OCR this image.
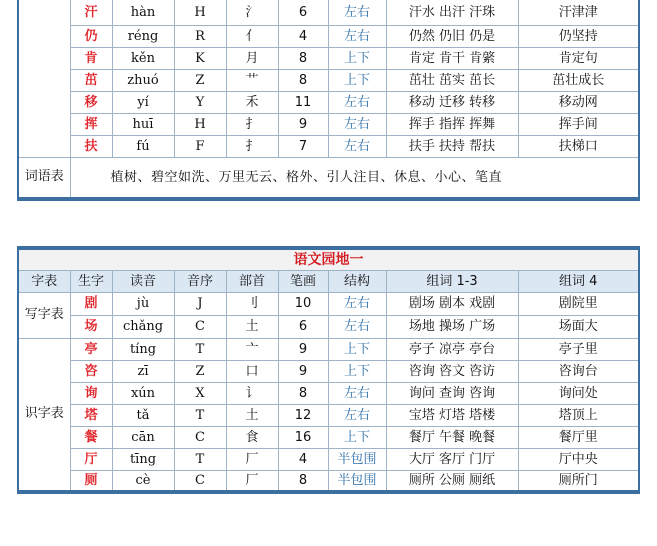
	汗	hàn	H	氵	6	左右	汗水 出汗 汗珠	汗津津
	仍	réng	R	亻	4	左右	仍然 仍旧 仍是	仍坚持
	肯	kěn	K	月	8	上下	肯定 肯干 肯綮	肯定句
	茁	zhuó	Z	艹	8	上下	茁壮 茁实 茁长	茁壮成长
	移	yí	Y	禾	11	左右	移动 迁移 转移	移动网
	挥	huī	H	扌	9	左右	挥手 指挥 挥舞	挥手间
	扶	fú	F	扌	7	左右	扶手 扶持 帮扶	扶梯口
词语表	植树、碧空如洗、万里无云、格外、引人注目、休息、小心、笔直							
语文园地一								
字表	生字	读音	音序	部首	笔画	结构	组词 1-3	组词 4
写字表	剧	jù	J	刂	10	左右	剧场 剧本 戏剧	剧院里
	场	chǎng	C	土	6	左右	场地 操场 广场	场面大
识字表	亭	tíng	T	亠	9	上下	亭子 凉亭 亭台	亭子里
	咨	zī	Z	口	9	上下	咨询 咨文 咨访	咨询台
	询	xún	X	讠	8	左右	询问 查询 咨询	询问处
	塔	tǎ	T	土	12	左右	宝塔 灯塔 塔楼	塔顶上
	餐	cān	C	食	16	上下	餐厅 午餐 晚餐	餐厅里
	厅	tīng	T	厂	4	半包围	大厅 客厅 门厅	厅中央
	厕	cè	C	厂	8	半包围	厕所 公厕 厕纸	厕所门
